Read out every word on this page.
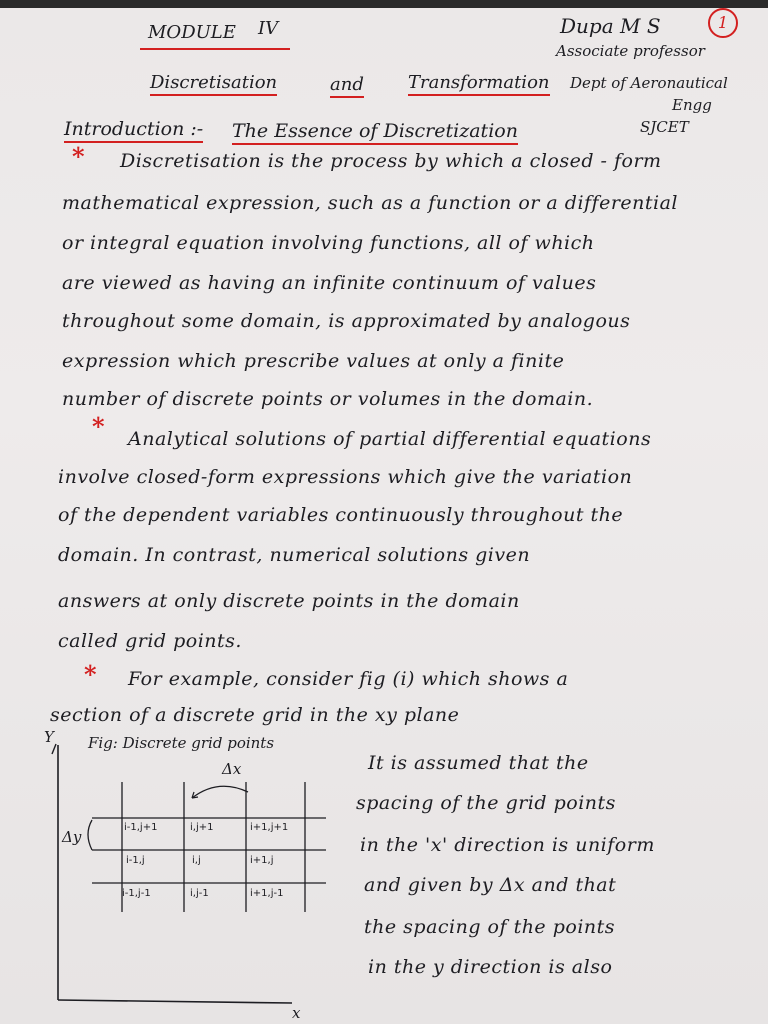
MODULE IV	Dupa M S	1
Associate professor
Dept of Aeronautical
Engg
SJCET
Discretisation	and Transformation
Introduction :- The Essence of Discretization
* Discretisation is the process by which a closed - form
mathematical expression, such as a function or a differential
or integral equation involving functions, all of which
are viewed as having an infinite continuum of values
throughout some domain, is approximated by analogous
expression which prescribe values at only a finite
number of discrete points or volumes in the domain.
* Analytical solutions of partial differential equations
involve closed-form expressions which give the variation
of the dependent variables continuously throughout the
domain. In contrast, numerical solutions given
answers at only discrete points in the domain
called grid points.
* For example, consider fig (i) which shows a
section of a discrete grid in the xy plane
It is assumed that the
spacing of the grid points
in the 'x' direction is uniform
and given by Δx and that
the spacing of the points
in the y direction is also
Y Fig: Discrete grid points
Δx
Δy
x
i-1,j+1	i,j+1	i+1,j+1
i-1,j	i,j	i+1,j
i-1,j-1	i,j-1	i+1,j-1
